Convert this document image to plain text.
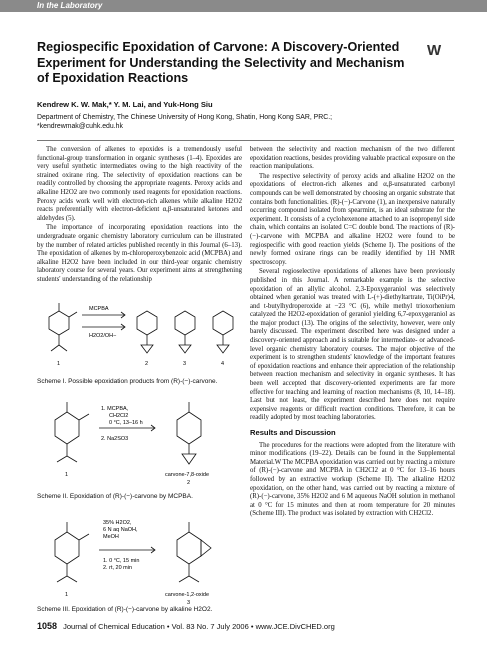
In the Laboratory
W
Regiospecific Epoxidation of Carvone: A Discovery-Oriented Experiment for Understanding the Selectivity and Mechanism of Epoxidation Reactions
Kendrew K. W. Mak,* Y. M. Lai, and Yuk-Hong Siu
Department of Chemistry, The Chinese University of Hong Kong, Shatin, Hong Kong SAR, PRC.;
*kendrewmak@cuhk.edu.hk

The conversion of alkenes to epoxides is a tremendously useful functional-group transformation in organic syntheses (1–4). Epoxides are very useful synthetic intermediates owing to the high reactivity of the strained oxirane ring. The selectivity of epoxidation reactions can be readily controlled by choosing the appropriate reagents. Peroxy acids and alkaline H2O2 are two commonly used reagents for epoxidation reactions. Peroxy acids work well with electron-rich alkenes while alkaline H2O2 reacts preferentially with electron-deficient α,β-unsaturated ketones and aldehydes (5).

The importance of incorporating epoxidation reactions into the undergraduate organic chemistry laboratory curriculum can be illustrated by the number of related articles published recently in this Journal (6–13). The epoxidation of alkenes by m-chloroperoxybenzoic acid (MCPBA) and alkaline H2O2 have been included in our third-year organic chemistry laboratory course for several years. Our experiment aims at strengthening students' understanding of the relationship

MCPBA
H2O2/OH−
1	2	3	4
Scheme I. Possible epoxidation products from (R)-(−)-carvone.
1. MCPBA,
CH2Cl2
0 °C, 13–16 h
2. Na2SO3
1	carvone-7,8-oxide
2
Scheme II. Epoxidation of (R)-(−)-carvone by MCPBA.
35% H2O2,
6 N aq NaOH,
MeOH
1. 0 °C, 15 min
2. rt, 20 min
1	carvone-1,2-oxide
3
Scheme III. Epoxidation of (R)-(−)-carvone by alkaline H2O2.

between the selectivity and reaction mechanism of the two different epoxidation reactions, besides providing valuable practical exposure on the reaction manipulations.

The respective selectivity of peroxy acids and alkaline H2O2 on the epoxidations of electron-rich alkenes and α,β-unsaturated carbonyl compounds can be well demonstrated by choosing an organic substrate that contains both functionalities. (R)-(−)-Carvone (1), an inexpensive naturally occurring compound isolated from spearmint, is an ideal substrate for the experiment. It consists of a cyclohexenone attached to an isopropenyl side chain, which contains an isolated C=C double bond. The reactions of (R)-(−)-carvone with MCPBA and alkaline H2O2 were found to be regiospecific with good reaction yields (Scheme I). The positions of the newly formed oxirane rings can be readily identified by 1H NMR spectroscopy.

Several regioselective epoxidations of alkenes have been previously published in this Journal. A remarkable example is the selective epoxidation of an allylic alcohol. 2,3-Epoxygeraniol was selectively obtained when geraniol was treated with L-(+)-diethyltartrate, Ti(OiPr)4, and t-butylhydroperoxide at −23 °C (6), while methyl trioxorhenium catalyzed the H2O2-epoxidation of geraniol yielding 6,7-epoxygeraniol as the major product (13). The origins of the selectivity, however, were only barely discussed. The experiment described here was designed under a discovery-oriented approach and is suitable for intermediate- or advanced-level organic chemistry laboratory courses. The major objective of the experiment is to strengthen students' knowledge of the important features of epoxidation reactions and enhance their appreciation of the relationship between reaction mechanism and selectivity in organic syntheses. It has been well accepted that discovery-oriented experiments are far more effective for teaching and learning of reaction mechanisms (8, 10, 14–18). Last but not least, the experiment described here does not require expensive reagents or difficult reaction conditions. Therefore, it can be readily adopted by most teaching laboratories.

Results and Discussion

The procedures for the reactions were adopted from the literature with minor modifications (19–22). Details can be found in the Supplemental Material.W The MCPBA epoxidation was carried out by reacting a mixture of (R)-(−)-carvone and MCPBA in CH2Cl2 at 0 °C for 13–16 hours followed by an extractive workup (Scheme II). The alkaline H2O2 epoxidation, on the other hand, was carried out by reacting a mixture of (R)-(−)-carvone, 35% H2O2 and 6 M aqueous NaOH solution in methanol at 0 °C for 15 minutes and then at room temperature for 20 minutes (Scheme III). The product was isolated by extraction with CH2Cl2.

1058 Journal of Chemical Education • Vol. 83 No. 7 July 2006 • www.JCE.DivCHED.org
